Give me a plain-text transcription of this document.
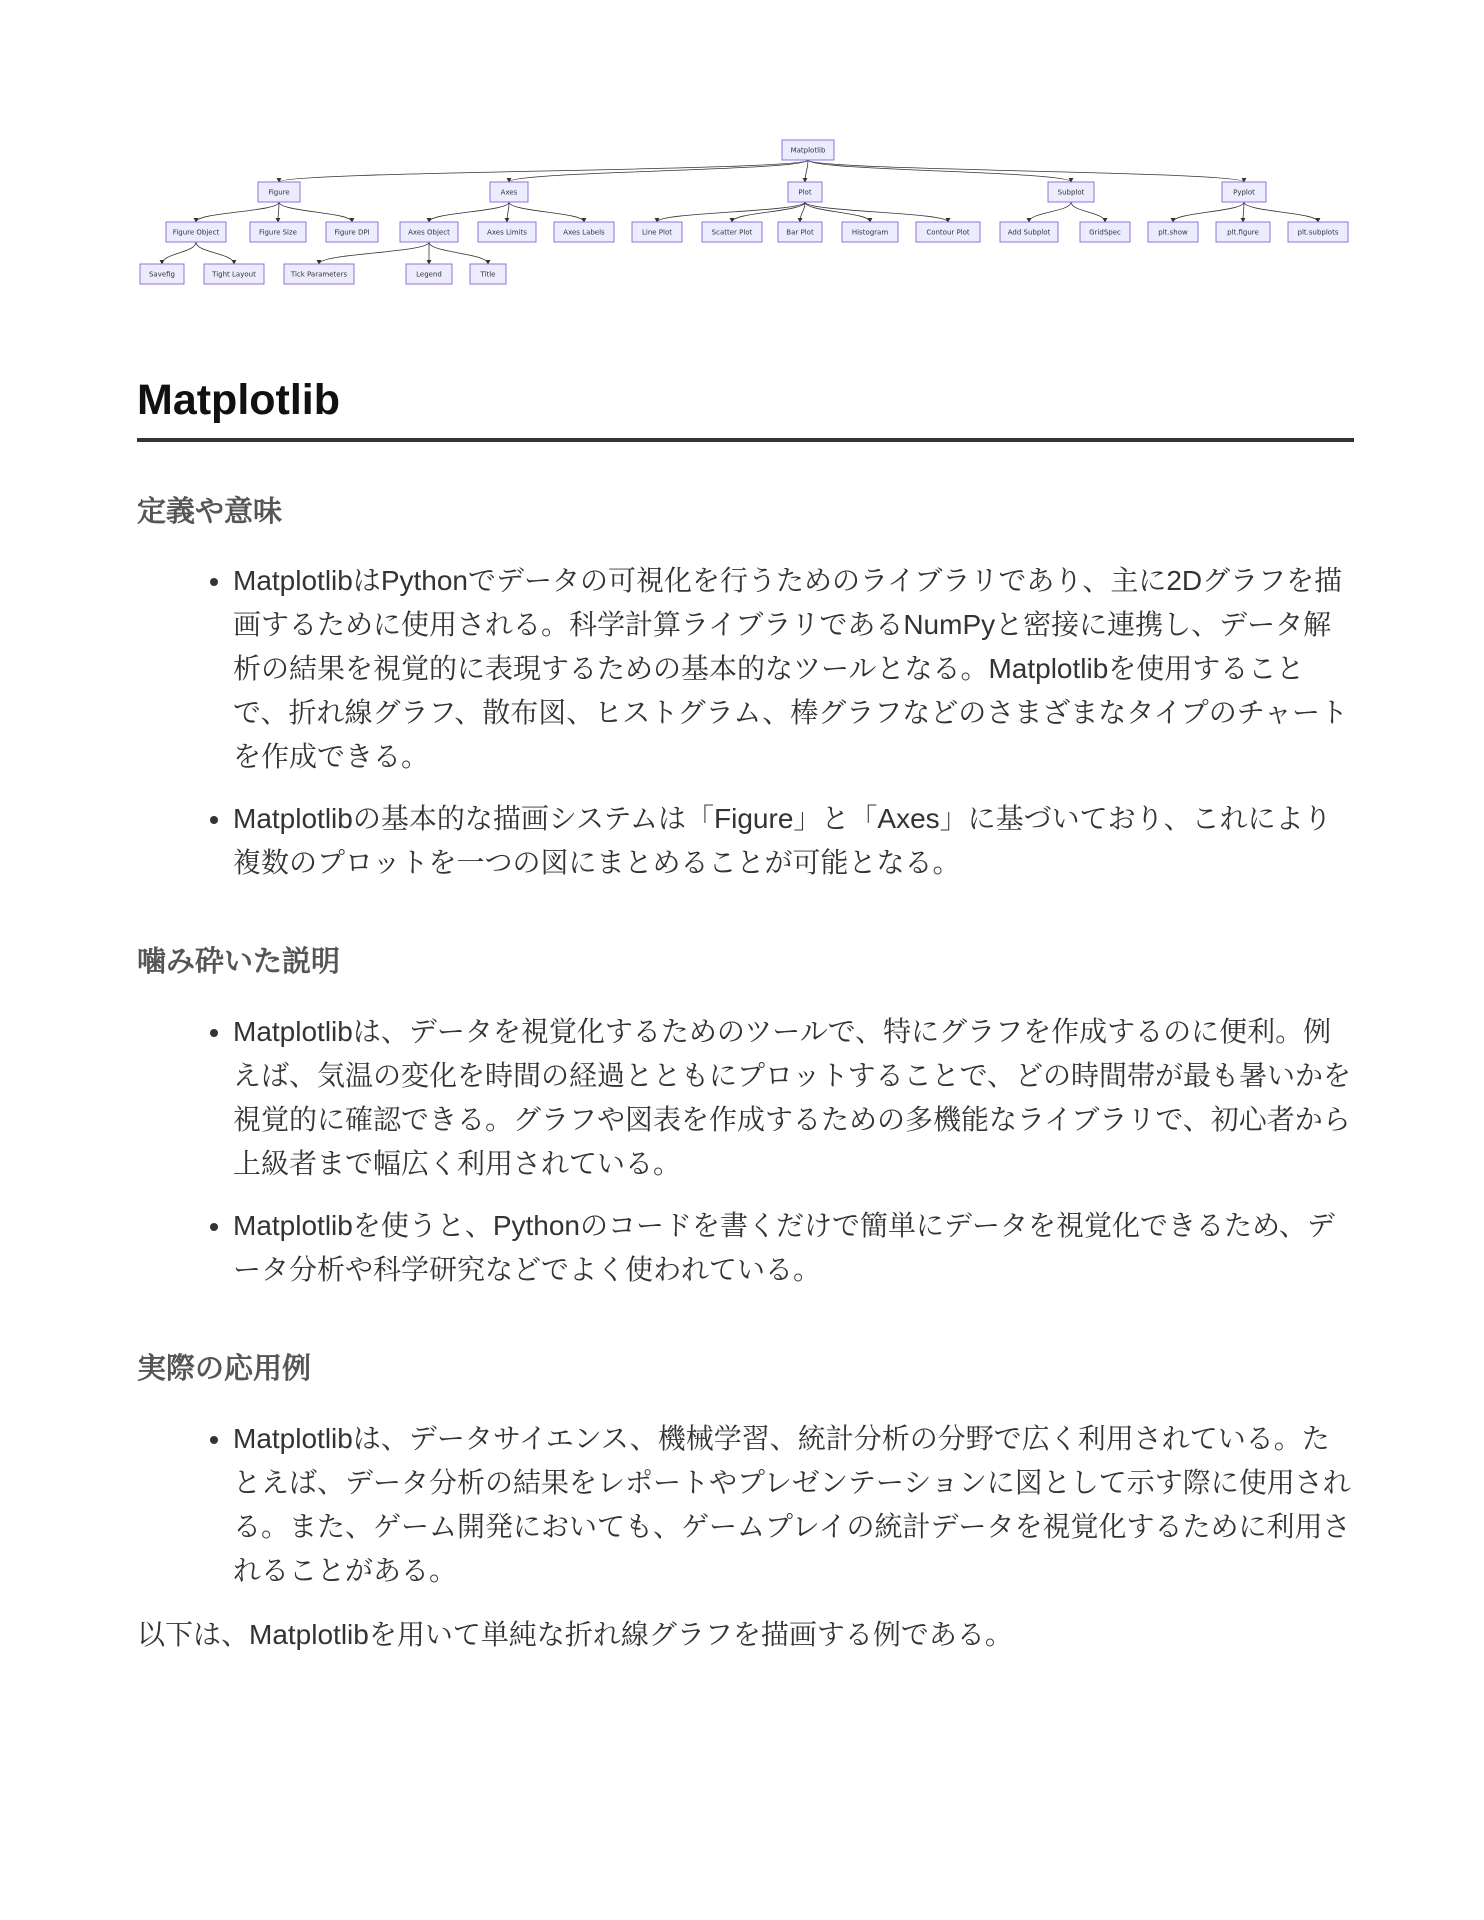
Matplotlib
Figure	Axes	Plot	Subplot	Pyplot
Figure Object	Figure Size	Figure DPI	Axes Object	Axes Limits	Axes Labels	Line Plot	Scatter Plot	Bar Plot	Histogram	Contour Plot	Add Subplot	GridSpec	plt.show	plt.figure	plt.subplots
Savefig	Tight Layout	Tick Parameters	Legend	Title
Matplotlib
定義や意味
• MatplotlibはPythonでデータの可視化を行うためのライブラリであり、主に2Dグラフを描画するために使用される。科学計算ライブラリであるNumPyと密接に連携し、データ解析の結果を視覚的に表現するための基本的なツールとなる。Matplotlibを使用することで、折れ線グラフ、散布図、ヒストグラム、棒グラフなどのさまざまなタイプのチャートを作成できる。
• Matplotlibの基本的な描画システムは「Figure」と「Axes」に基づいており、これにより複数のプロットを一つの図にまとめることが可能となる。
噛み砕いた説明
• Matplotlibは、データを視覚化するためのツールで、特にグラフを作成するのに便利。例えば、気温の変化を時間の経過とともにプロットすることで、どの時間帯が最も暑いかを視覚的に確認できる。グラフや図表を作成するための多機能なライブラリで、初心者から上級者まで幅広く利用されている。
• Matplotlibを使うと、Pythonのコードを書くだけで簡単にデータを視覚化できるため、データ分析や科学研究などでよく使われている。
実際の応用例
• Matplotlibは、データサイエンス、機械学習、統計分析の分野で広く利用されている。たとえば、データ分析の結果をレポートやプレゼンテーションに図として示す際に使用される。また、ゲーム開発においても、ゲームプレイの統計データを視覚化するために利用されることがある。

以下は、Matplotlibを用いて単純な折れ線グラフを描画する例である。
